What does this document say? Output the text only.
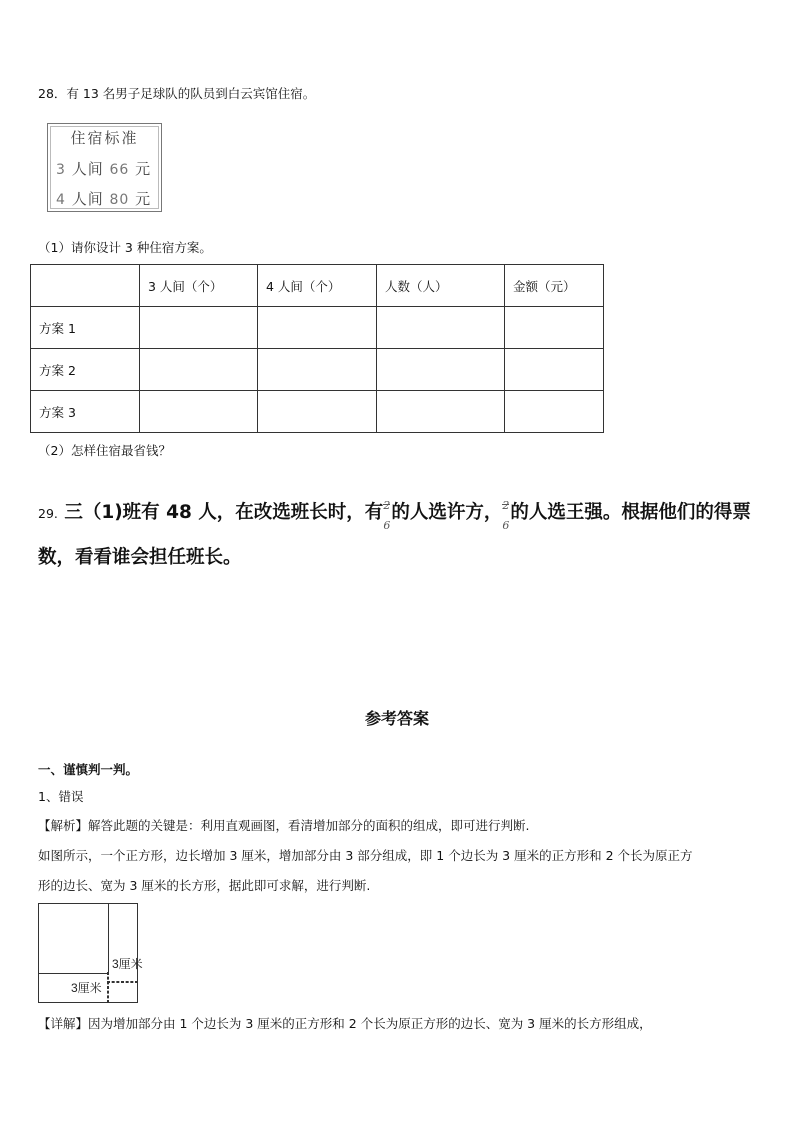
28．有 13 名男子足球队的队员到白云宾馆住宿。
住宿标准
3 人间 66 元
4 人间 80 元
（1）请你设计 3 种住宿方案。
	3 人间（个）	4 人间（个）	人数（人）	金额（元）
方案 1				
方案 2				
方案 3				
（2）怎样住宿最省钱？
29. 三（1)班有 48 人，在改选班长时，有 2
6
的人选许方， 2
6
的人选王强。根据他们的得票
数，看看谁会担任班长。
参考答案
一、谨慎判一判。
1、错误
【解析】解答此题的关键是：利用直观画图，看清增加部分的面积的组成，即可进行判断.
如图所示，一个正方形，边长增加 3 厘米，增加部分由 3 部分组成，即 1 个边长为 3 厘米的正方形和 2 个长为原正方
形的边长、宽为 3 厘米的长方形，据此即可求解，进行判断.
3厘米
3厘米
【详解】因为增加部分由 1 个边长为 3 厘米的正方形和 2 个长为原正方形的边长、宽为 3 厘米的长方形组成，
